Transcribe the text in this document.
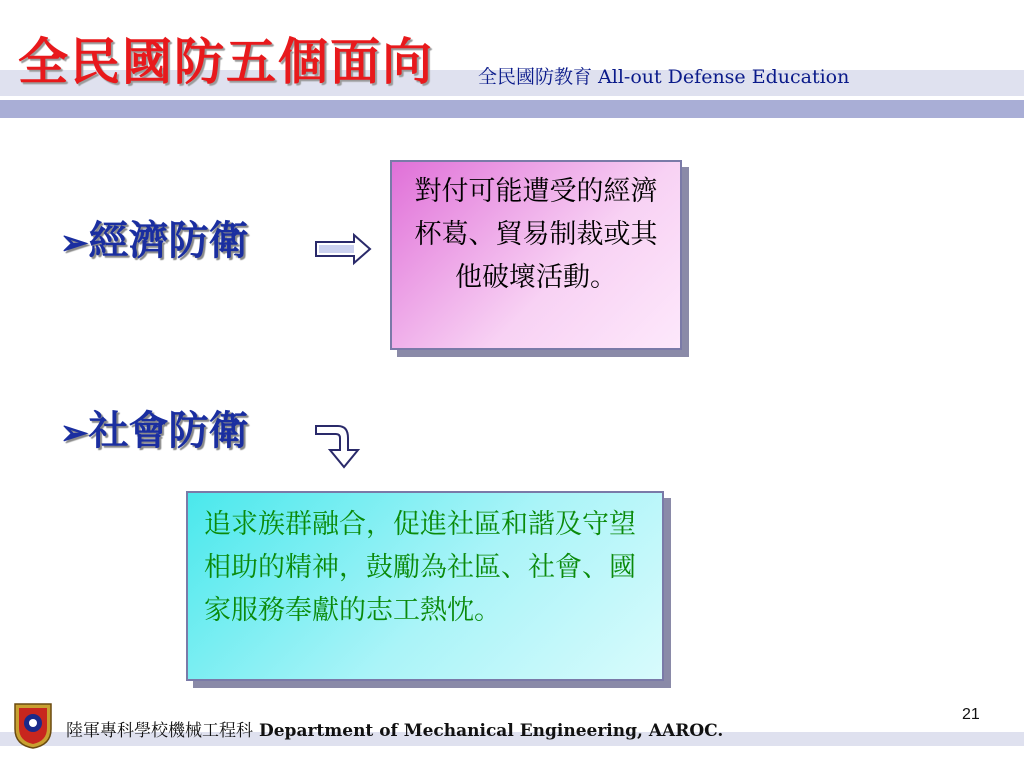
全民國防五個面向 全民國防教育 All-out Defense Education
➢經濟防衛
對付可能遭受的經濟杯葛、貿易制裁或其他破壞活動。
➢社會防衛
追求族群融合，促進社區和諧及守望相助的精神，鼓勵為社區、社會、國家服務奉獻的志工熱忱。
陸軍專科學校機械工程科 Department of Mechanical Engineering, AAROC.
21
